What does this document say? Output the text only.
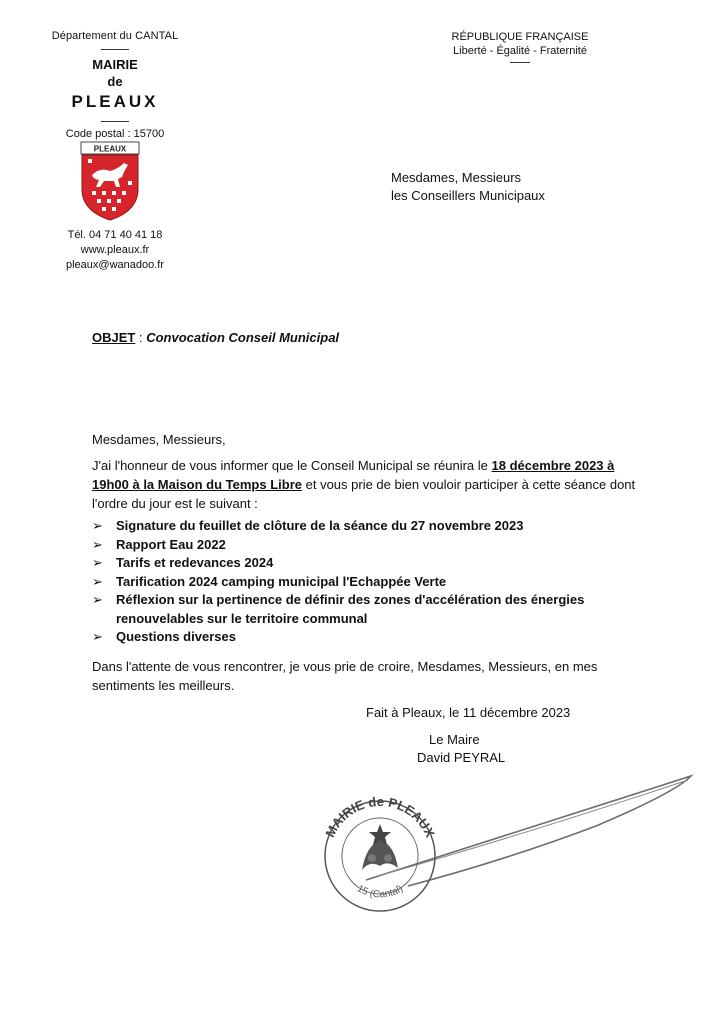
Département du CANTAL
MAIRIE
de
PLEAUX
Code postal : 15700
PLEAUX
Tél. 04 71 40 41 18
www.pleaux.fr
pleaux@wanadoo.fr
RÉPUBLIQUE FRANÇAISE
Liberté - Égalité - Fraternité
Mesdames, Messieurs
les Conseillers Municipaux
OBJET : Convocation Conseil Municipal
Mesdames, Messieurs,
J'ai l'honneur de vous informer que le Conseil Municipal se réunira le 18 décembre 2023 à 19h00 à la Maison du Temps Libre et vous prie de bien vouloir participer à cette séance dont l'ordre du jour est le suivant :
➢ Signature du feuillet de clôture de la séance du 27 novembre 2023
➢ Rapport Eau 2022
➢ Tarifs et redevances 2024
➢ Tarification 2024 camping municipal l'Echappée Verte
➢ Réflexion sur la pertinence de définir des zones d'accélération des énergies renouvelables sur le territoire communal
➢ Questions diverses
Dans l'attente de vous rencontrer, je vous prie de croire, Mesdames, Messieurs, en mes sentiments les meilleurs.
Fait à Pleaux, le 11 décembre 2023
Le Maire
David PEYRAL
MAIRIE de PLEAUX
15 (Cantal)
